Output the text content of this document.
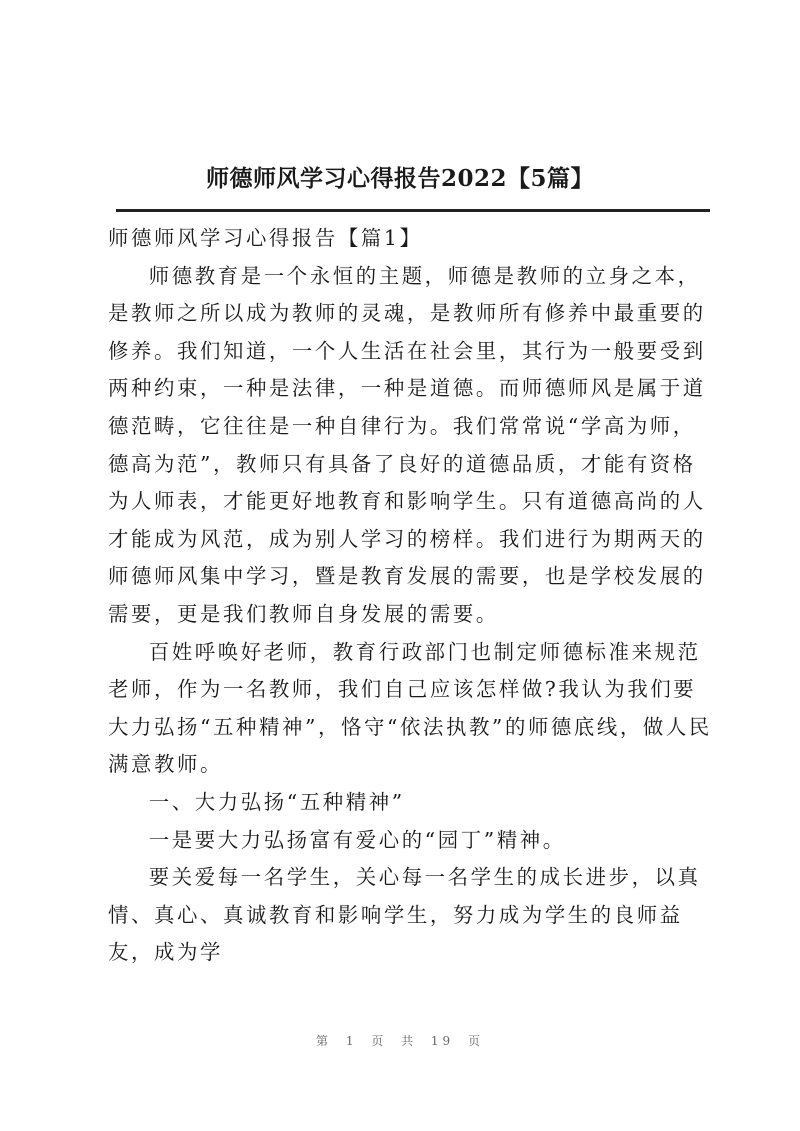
师德师风学习心得报告2022【5篇】

师德师风学习心得报告【篇1】

师德教育是一个永恒的主题，师德是教师的立身之本，是教师之所以成为教师的灵魂，是教师所有修养中最重要的修养。我们知道，一个人生活在社会里，其行为一般要受到两种约束，一种是法律，一种是道德。而师德师风是属于道德范畴，它往往是一种自律行为。我们常常说“学高为师，德高为范”，教师只有具备了良好的道德品质，才能有资格为人师表，才能更好地教育和影响学生。只有道德高尚的人才能成为风范，成为别人学习的榜样。我们进行为期两天的师德师风集中学习，暨是教育发展的需要，也是学校发展的需要，更是我们教师自身发展的需要。

百姓呼唤好老师，教育行政部门也制定师德标准来规范老师，作为一名教师，我们自己应该怎样做?我认为我们要大力弘扬“五种精神”，恪守“依法执教”的师德底线，做人民满意教师。

一、大力弘扬“五种精神”

一是要大力弘扬富有爱心的“园丁”精神。

要关爱每一名学生，关心每一名学生的成长进步，以真情、真心、真诚教育和影响学生，努力成为学生的良师益友，成为学

第 1 页 共 19 页
